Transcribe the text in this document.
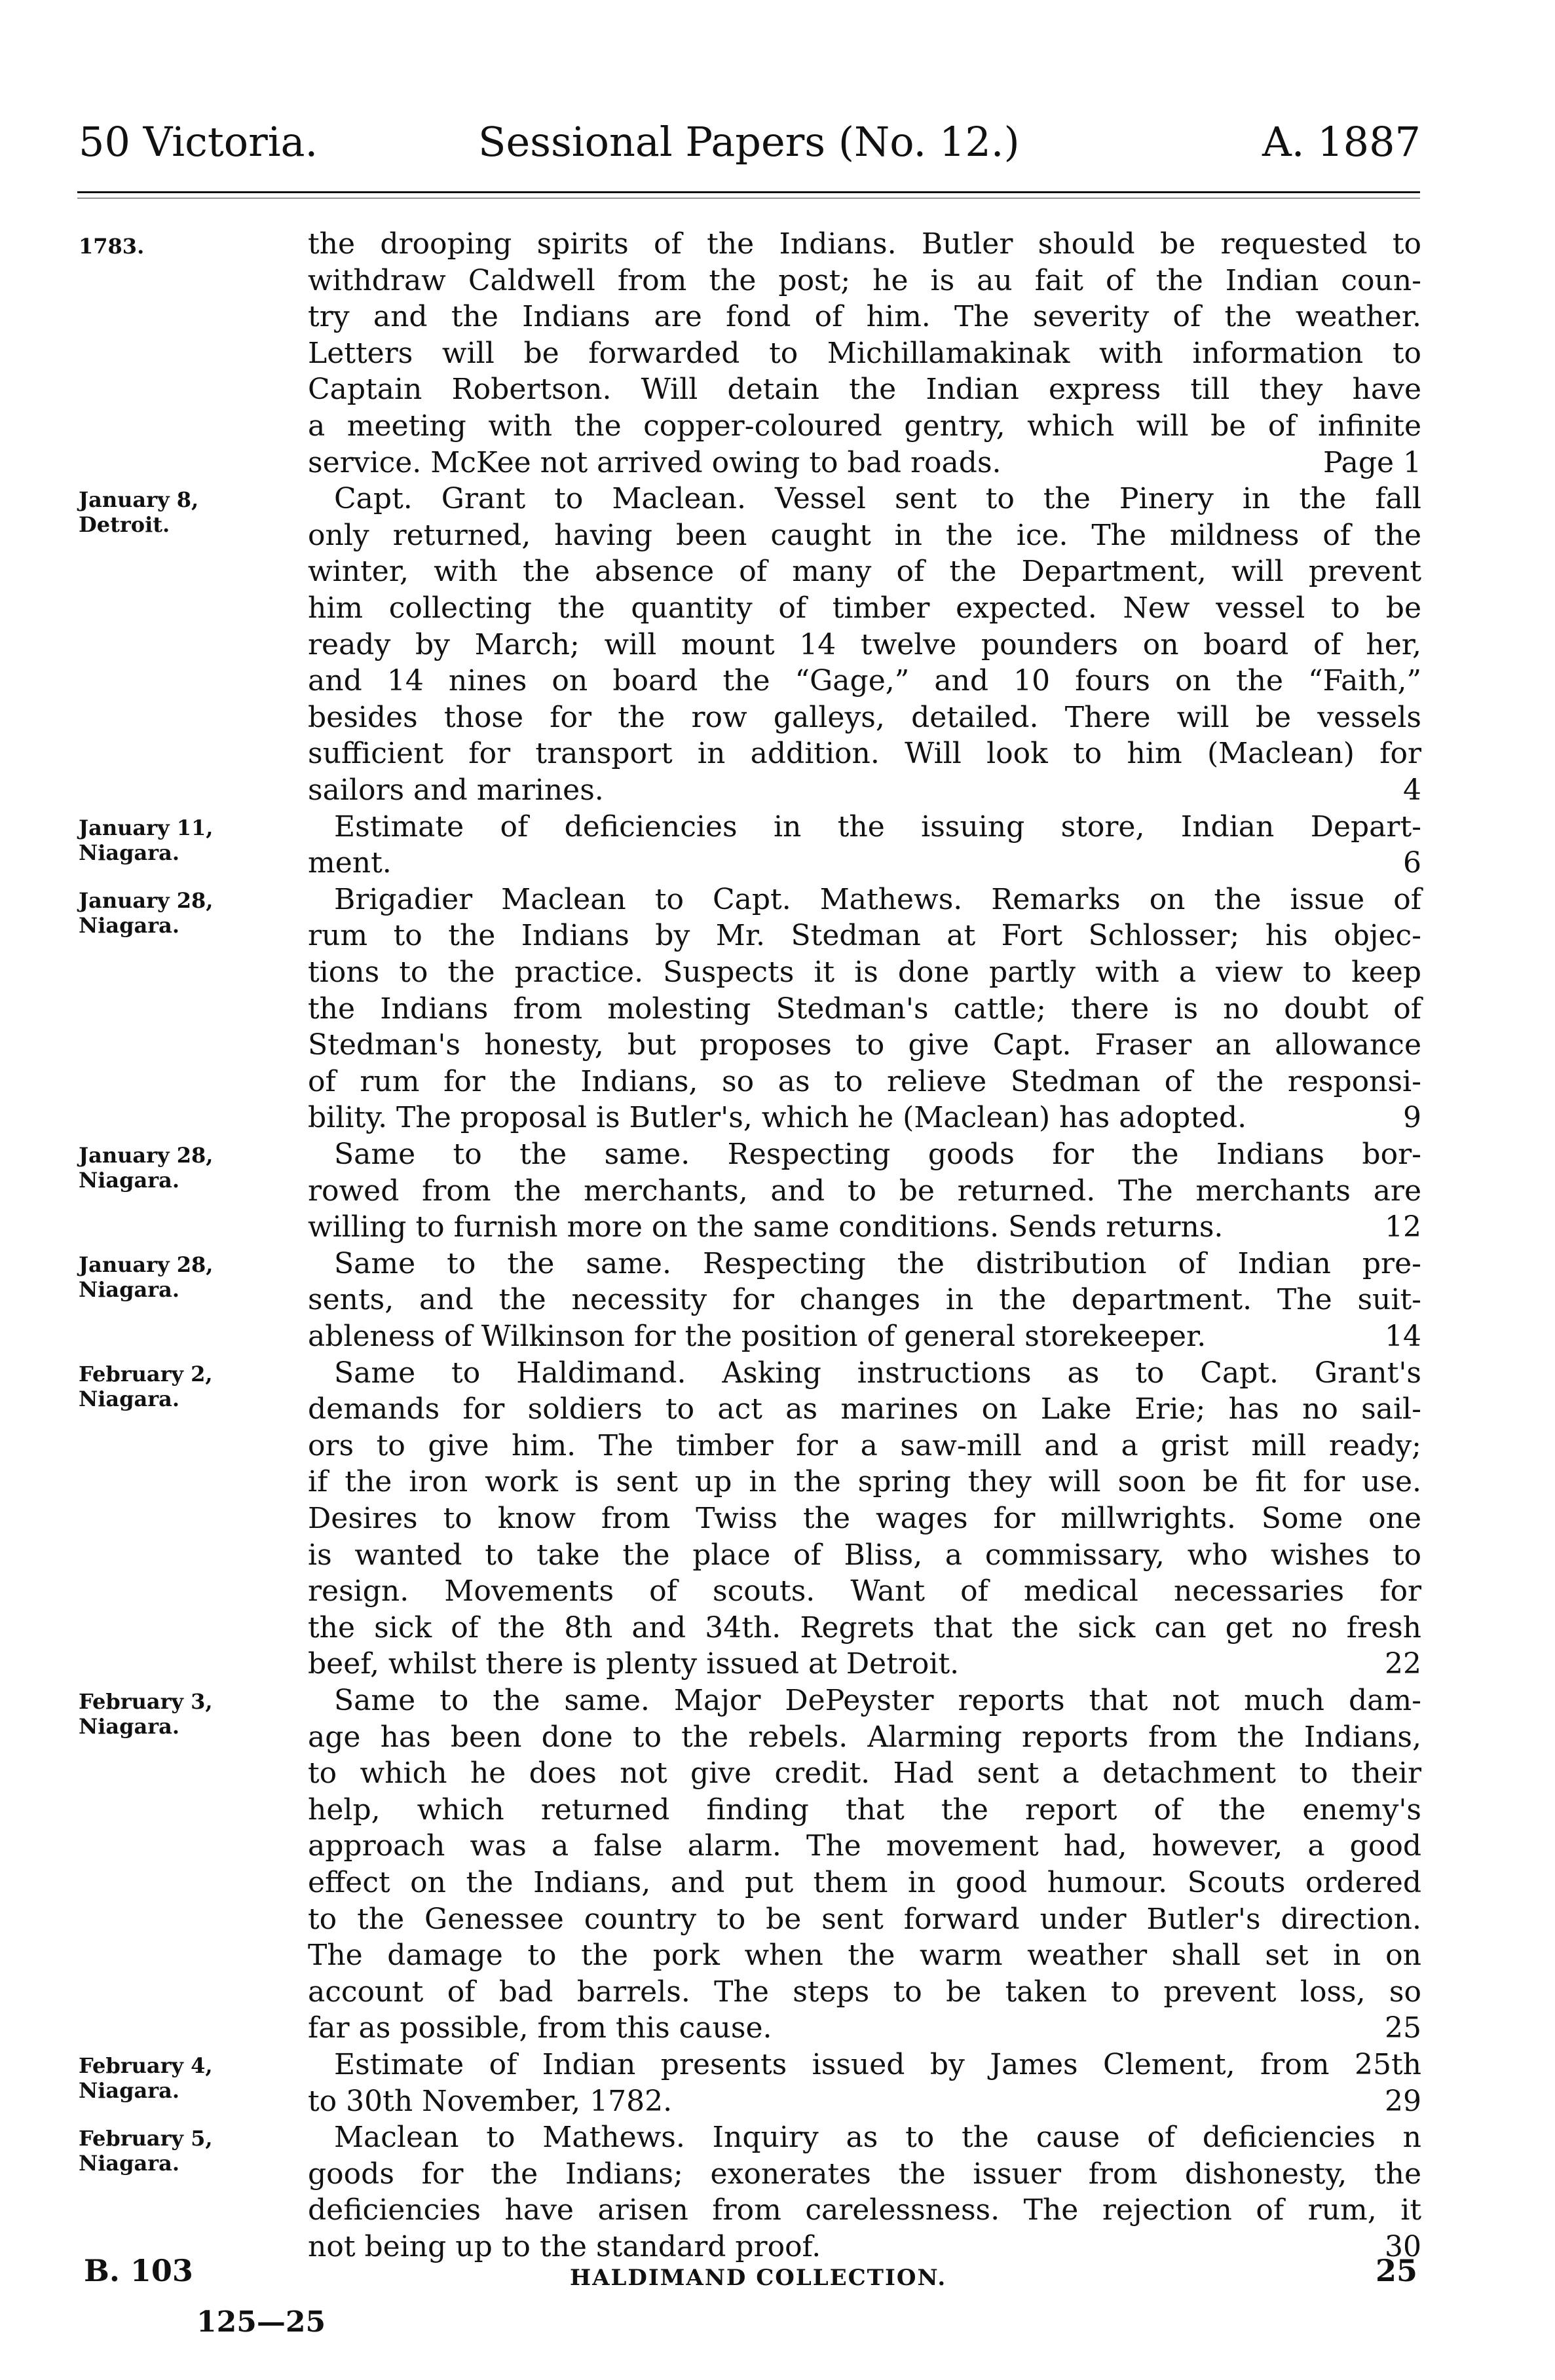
50 Victoria.	Sessional Papers (No. 12.)	A. 1887
1783.	the drooping spirits of the Indians. Butler should be requested to
withdraw Caldwell from the post; he is au fait of the Indian coun-
try and the Indians are fond of him. The severity of the weather.
Letters will be forwarded to Michillamakinak with information to
Captain Robertson. Will detain the Indian express till they have
a meeting with the copper-coloured gentry, which will be of infinite
service. McKee not arrived owing to bad roads.	Page 1
January 8,
Detroit.
Capt. Grant to Maclean. Vessel sent to the Pinery in the fall
only returned, having been caught in the ice. The mildness of the
winter, with the absence of many of the Department, will prevent
him collecting the quantity of timber expected. New vessel to be
ready by March; will mount 14 twelve pounders on board of her,
and 14 nines on board the “Gage,” and 10 fours on the “Faith,”
besides those for the row galleys, detailed. There will be vessels
sufficient for transport in addition. Will look to him (Maclean) for
sailors and marines.	4
January 11,
Niagara.
Estimate of deficiencies in the issuing store, Indian Depart-
ment.	6
January 28,
Niagara.
Brigadier Maclean to Capt. Mathews. Remarks on the issue of
rum to the Indians by Mr. Stedman at Fort Schlosser; his objec-
tions to the practice. Suspects it is done partly with a view to keep
the Indians from molesting Stedman's cattle; there is no doubt of
Stedman's honesty, but proposes to give Capt. Fraser an allowance
of rum for the Indians, so as to relieve Stedman of the responsi-
bility. The proposal is Butler's, which he (Maclean) has adopted.	9
January 28,
Niagara.
Same to the same. Respecting goods for the Indians bor-
rowed from the merchants, and to be returned. The merchants are
willing to furnish more on the same conditions. Sends returns.	12
January 28,
Niagara.
Same to the same. Respecting the distribution of Indian pre-
sents, and the necessity for changes in the department. The suit-
ableness of Wilkinson for the position of general storekeeper.	14
February 2,
Niagara.
Same to Haldimand. Asking instructions as to Capt. Grant's
demands for soldiers to act as marines on Lake Erie; has no sail-
ors to give him. The timber for a saw-mill and a grist mill ready;
if the iron work is sent up in the spring they will soon be fit for use.
Desires to know from Twiss the wages for millwrights. Some one
is wanted to take the place of Bliss, a commissary, who wishes to
resign. Movements of scouts. Want of medical necessaries for
the sick of the 8th and 34th. Regrets that the sick can get no fresh
beef, whilst there is plenty issued at Detroit.	22
February 3,
Niagara.
Same to the same. Major DePeyster reports that not much dam-
age has been done to the rebels. Alarming reports from the Indians,
to which he does not give credit. Had sent a detachment to their
help, which returned finding that the report of the enemy's
approach was a false alarm. The movement had, however, a good
effect on the Indians, and put them in good humour. Scouts ordered
to the Genessee country to be sent forward under Butler's direction.
The damage to the pork when the warm weather shall set in on
account of bad barrels. The steps to be taken to prevent loss, so
far as possible, from this cause.	25
February 4,
Niagara.
Estimate of Indian presents issued by James Clement, from 25th
to 30th November, 1782.	29
February 5,
Niagara.
Maclean to Mathews. Inquiry as to the cause of deficiencies n
goods for the Indians; exonerates the issuer from dishonesty, the
deficiencies have arisen from carelessness. The rejection of rum, it
not being up to the standard proof.	30
B. 103	HALDIMAND COLLECTION.	25
125—25
